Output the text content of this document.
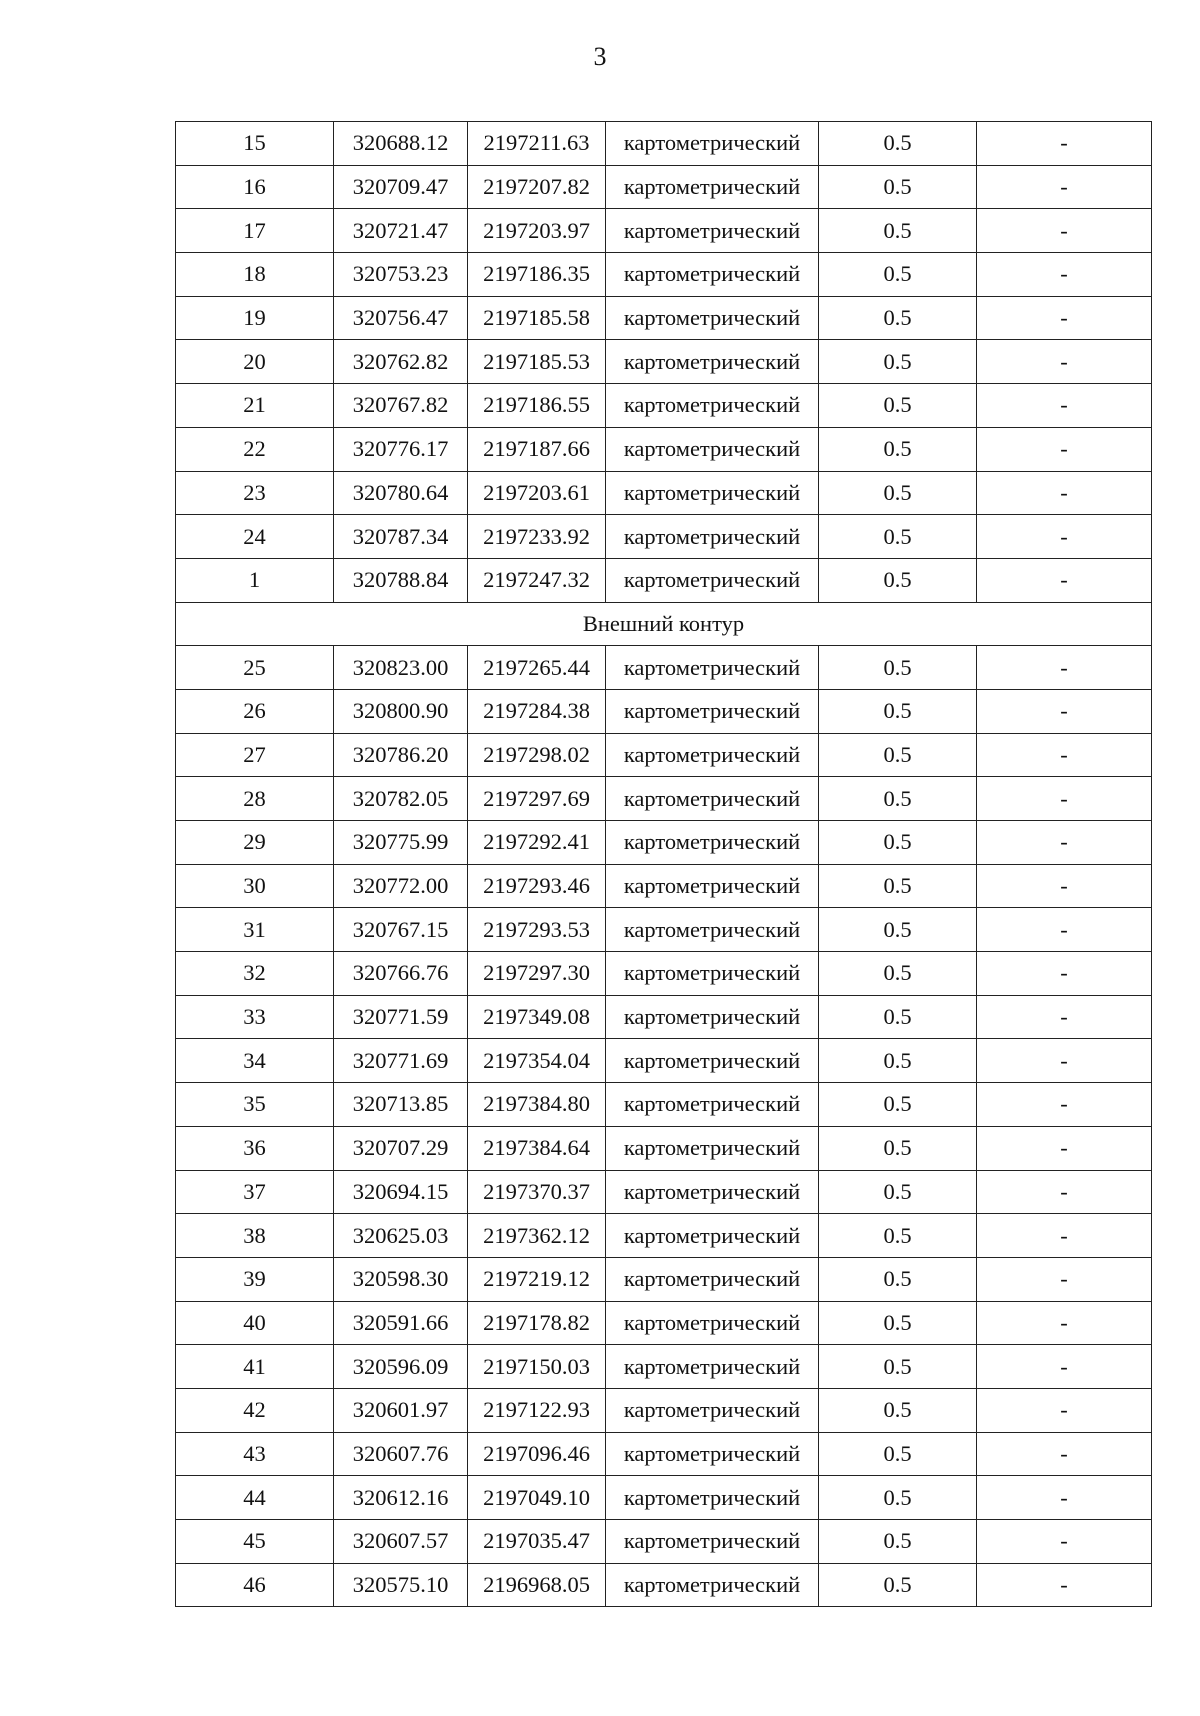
3
15	320688.12	2197211.63	картометрический	0.5	-
16	320709.47	2197207.82	картометрический	0.5	-
17	320721.47	2197203.97	картометрический	0.5	-
18	320753.23	2197186.35	картометрический	0.5	-
19	320756.47	2197185.58	картометрический	0.5	-
20	320762.82	2197185.53	картометрический	0.5	-
21	320767.82	2197186.55	картометрический	0.5	-
22	320776.17	2197187.66	картометрический	0.5	-
23	320780.64	2197203.61	картометрический	0.5	-
24	320787.34	2197233.92	картометрический	0.5	-
1	320788.84	2197247.32	картометрический	0.5	-
Внешний контур					
25	320823.00	2197265.44	картометрический	0.5	-
26	320800.90	2197284.38	картометрический	0.5	-
27	320786.20	2197298.02	картометрический	0.5	-
28	320782.05	2197297.69	картометрический	0.5	-
29	320775.99	2197292.41	картометрический	0.5	-
30	320772.00	2197293.46	картометрический	0.5	-
31	320767.15	2197293.53	картометрический	0.5	-
32	320766.76	2197297.30	картометрический	0.5	-
33	320771.59	2197349.08	картометрический	0.5	-
34	320771.69	2197354.04	картометрический	0.5	-
35	320713.85	2197384.80	картометрический	0.5	-
36	320707.29	2197384.64	картометрический	0.5	-
37	320694.15	2197370.37	картометрический	0.5	-
38	320625.03	2197362.12	картометрический	0.5	-
39	320598.30	2197219.12	картометрический	0.5	-
40	320591.66	2197178.82	картометрический	0.5	-
41	320596.09	2197150.03	картометрический	0.5	-
42	320601.97	2197122.93	картометрический	0.5	-
43	320607.76	2197096.46	картометрический	0.5	-
44	320612.16	2197049.10	картометрический	0.5	-
45	320607.57	2197035.47	картометрический	0.5	-
46	320575.10	2196968.05	картометрический	0.5	-
